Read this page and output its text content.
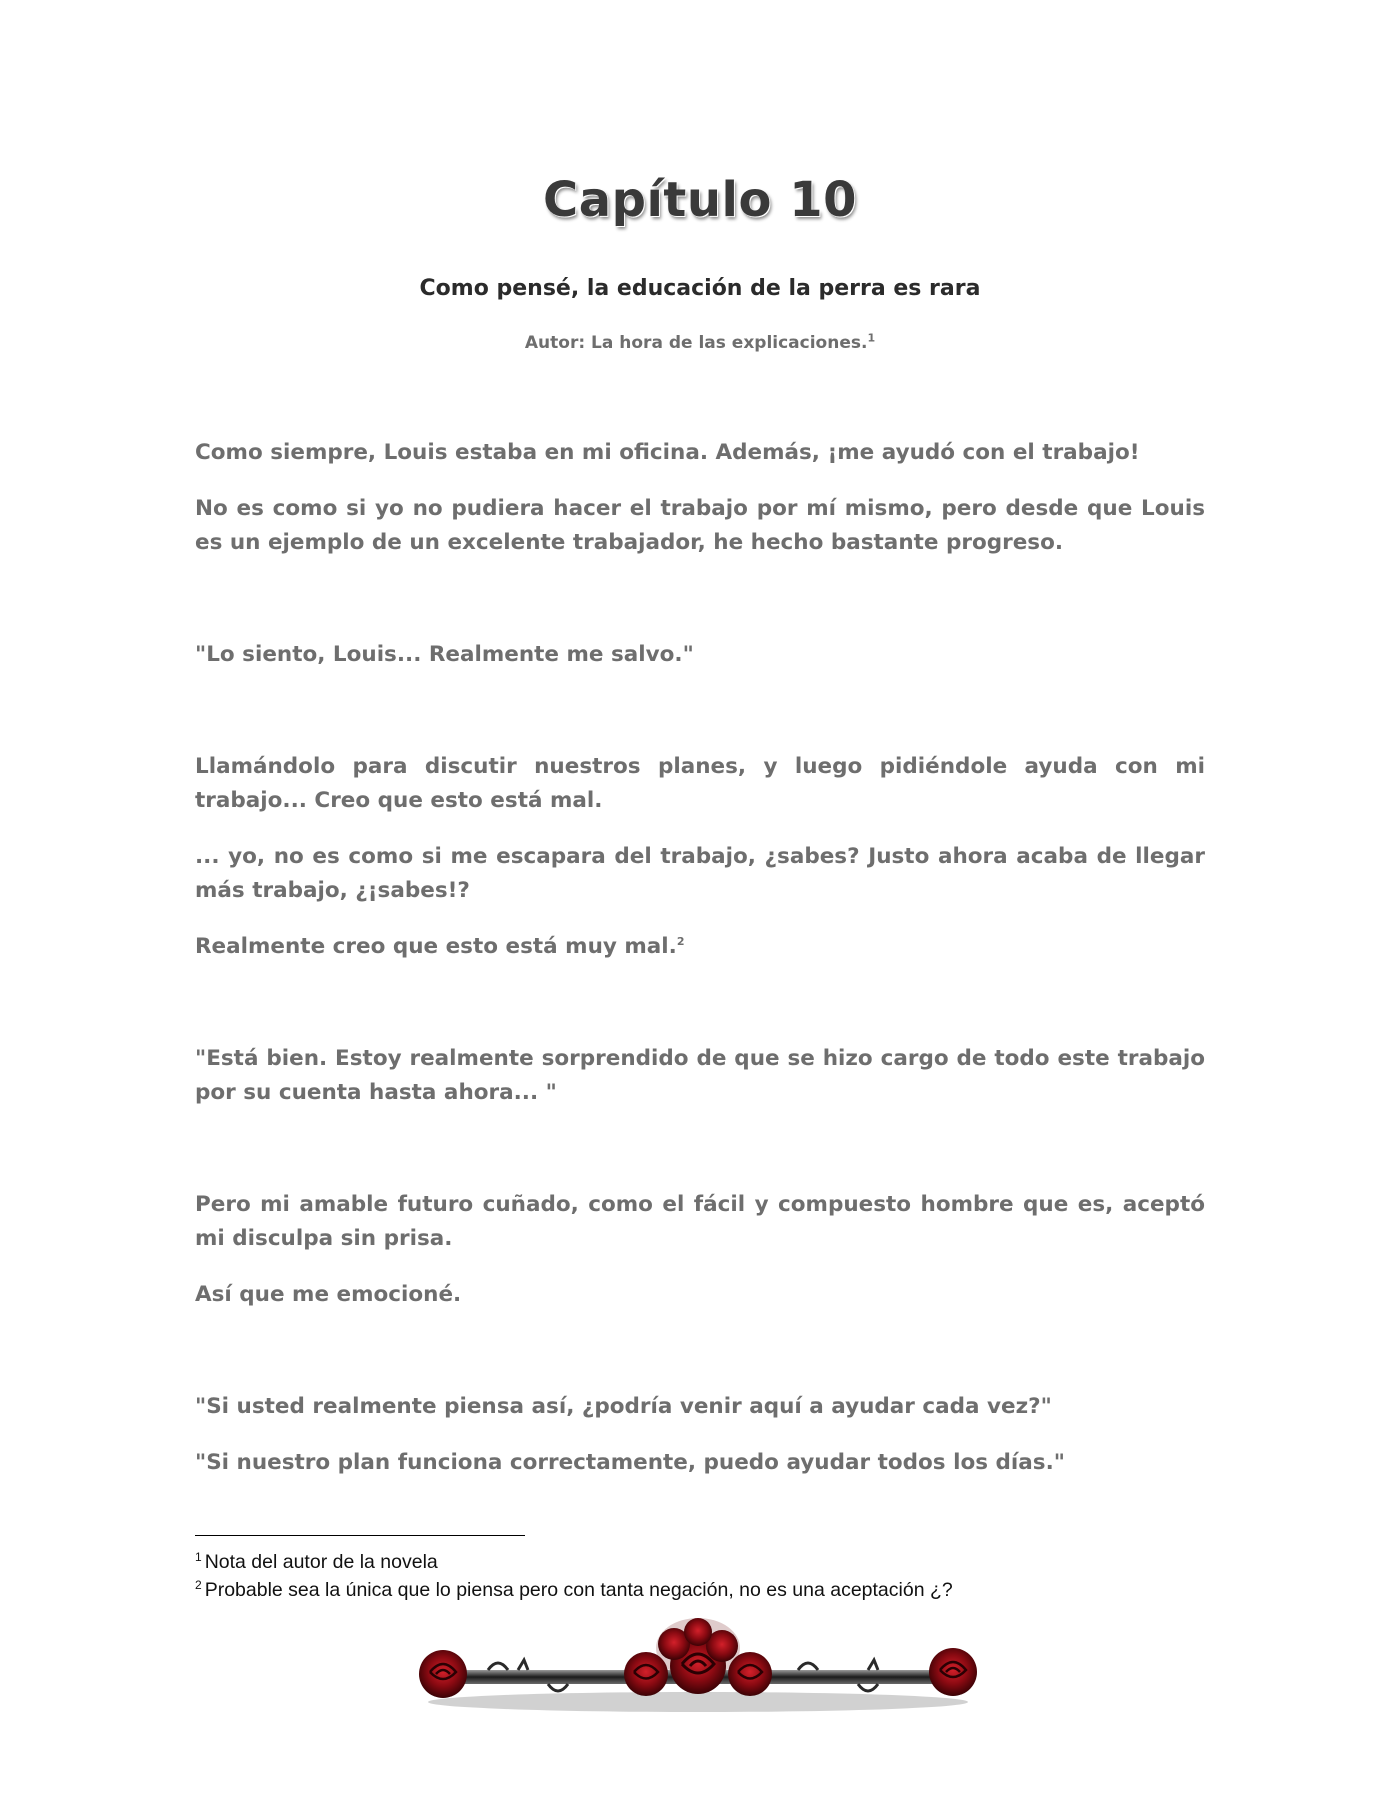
Capítulo 10
Como pensé, la educación de la perra es rara
Autor: La hora de las explicaciones.$^1$

Como siempre, Louis estaba en mi oficina. Además, ¡me ayudó con el trabajo!

No es como si yo no pudiera hacer el trabajo por mí mismo, pero desde que Louis es un ejemplo de un excelente trabajador, he hecho bastante progreso.

"Lo siento, Louis... Realmente me salvo."

Llamándolo para discutir nuestros planes, y luego pidiéndole ayuda con mi trabajo... Creo que esto está mal.

... yo, no es como si me escapara del trabajo, ¿sabes? Justo ahora acaba de llegar más trabajo, ¿¡sabes!?

Realmente creo que esto está muy mal.$^2$

"Está bien. Estoy realmente sorprendido de que se hizo cargo de todo este trabajo por su cuenta hasta ahora... "

Pero mi amable futuro cuñado, como el fácil y compuesto hombre que es, aceptó mi disculpa sin prisa.

Así que me emocioné.

"Si usted realmente piensa así, ¿podría venir aquí a ayudar cada vez?"

"Si nuestro plan funciona correctamente, puedo ayudar todos los días."

$^1$ Nota del autor de la novela
$^2$ Probable sea la única que lo piensa pero con tanta negación, no es una aceptación ¿?
